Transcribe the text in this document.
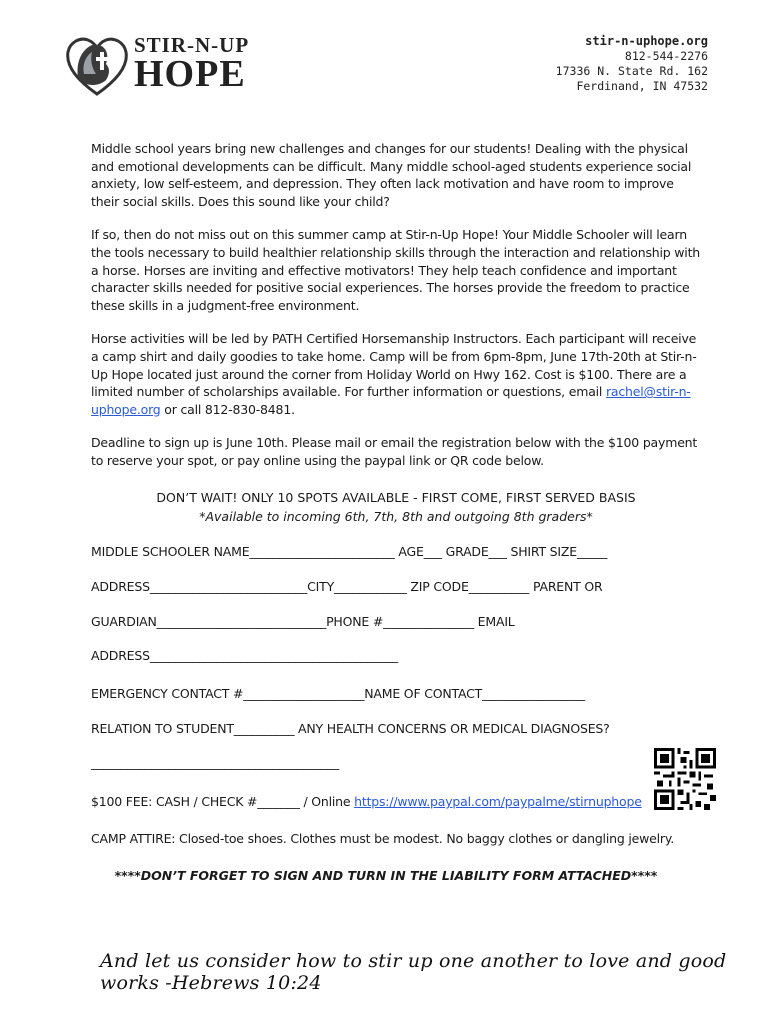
STIR-N-UP
HOPE
stir-n-uphope.org
812-544-2276
17336 N. State Rd. 162
Ferdinand, IN 47532

Middle school years bring new challenges and changes for our students! Dealing with the physical and emotional developments can be difficult. Many middle school-aged students experience social anxiety, low self-esteem, and depression. They often lack motivation and have room to improve their social skills. Does this sound like your child?

If so, then do not miss out on this summer camp at Stir-n-Up Hope! Your Middle Schooler will learn the tools necessary to build healthier relationship skills through the interaction and relationship with a horse. Horses are inviting and effective motivators! They help teach confidence and important character skills needed for positive social experiences. The horses provide the freedom to practice these skills in a judgment-free environment.

Horse activities will be led by PATH Certified Horsemanship Instructors. Each participant will receive a camp shirt and daily goodies to take home. Camp will be from 6pm-8pm, June 17th-20th at Stir-n-Up Hope located just around the corner from Holiday World on Hwy 162. Cost is $100. There are a limited number of scholarships available. For further information or questions, email rachel@stir-n-uphope.org or call 812-830-8481.

Deadline to sign up is June 10th. Please mail or email the registration below with the $100 payment to reserve your spot, or pay online using the paypal link or QR code below.

DON’T WAIT! ONLY 10 SPOTS AVAILABLE - FIRST COME, FIRST SERVED BASIS

*Available to incoming 6th, 7th, 8th and outgoing 8th graders*

MIDDLE SCHOOLER NAME________________________ AGE___ GRADE___ SHIRT SIZE_____
ADDRESS__________________________CITY____________ ZIP CODE__________ PARENT OR
GUARDIAN____________________________PHONE #_______________ EMAIL
ADDRESS_________________________________________
EMERGENCY CONTACT #____________________NAME OF CONTACT_________________
RELATION TO STUDENT__________ ANY HEALTH CONCERNS OR MEDICAL DIAGNOSES?
_________________________________________
$100 FEE: CASH / CHECK #_______ / Online https://www.paypal.com/paypalme/stirnuphope
CAMP ATTIRE: Closed-toe shoes. Clothes must be modest. No baggy clothes or dangling jewelry.
****DON’T FORGET TO SIGN AND TURN IN THE LIABILITY FORM ATTACHED****
And let us consider how to stir up one another to love and good works -Hebrews 10:24
